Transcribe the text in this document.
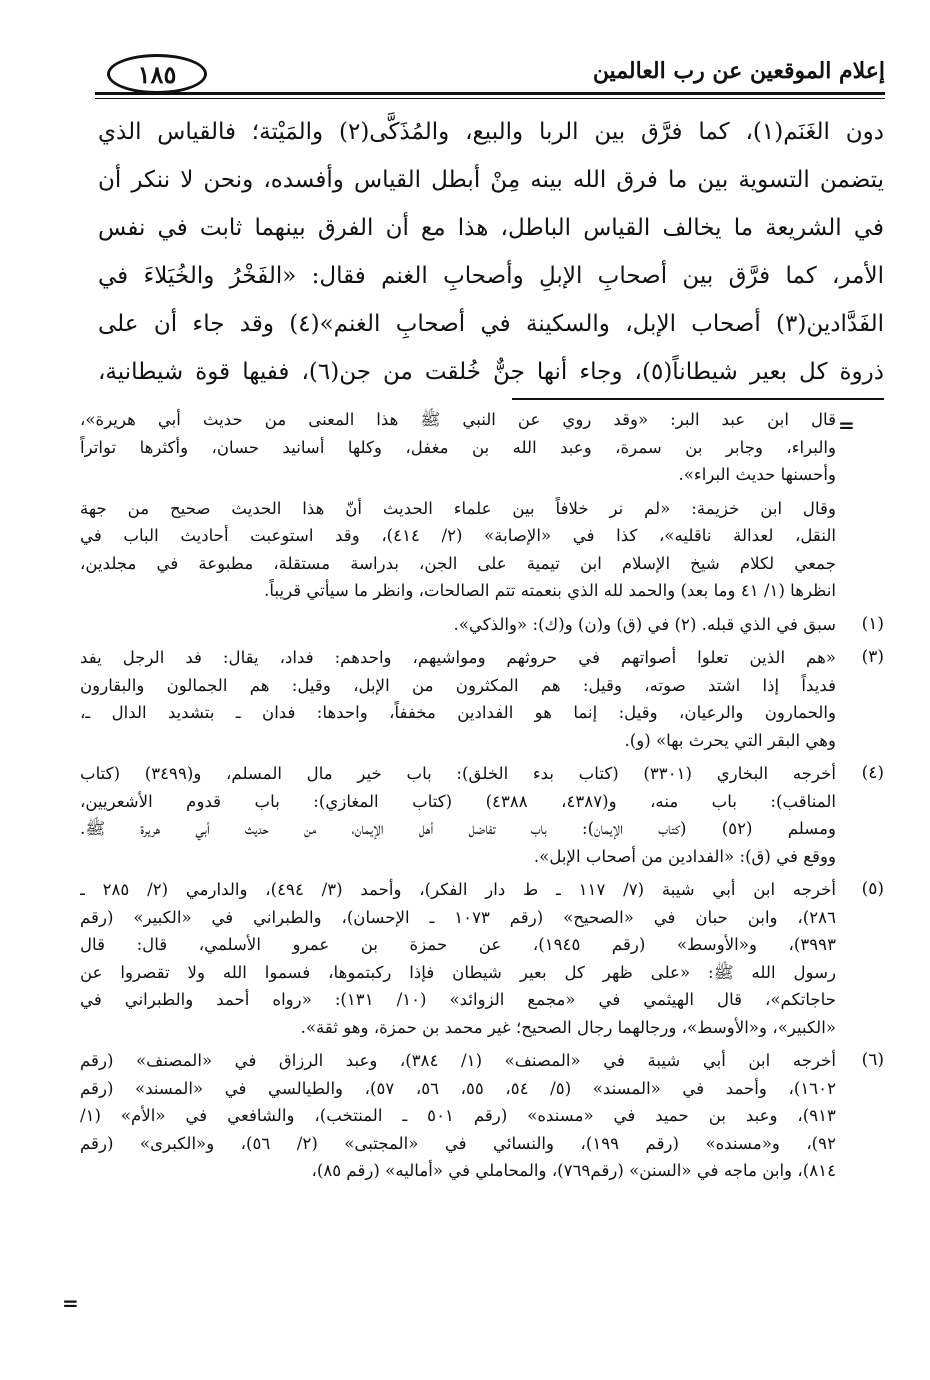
إعلام الموقعين عن رب العالمين
١٨٥
دون الغَنَم(١)، كما فرَّق بين الربا والبيع، والمُذَكَّى(٢) والمَيْتة؛ فالقياس الذي
يتضمن التسوية بين ما فرق الله بينه مِنْ أبطل القياس وأفسده، ونحن لا ننكر أن
في الشريعة ما يخالف القياس الباطل، هذا مع أن الفرق بينهما ثابت في نفس
الأمر، كما فرَّق بين أصحابِ الإبلِ وأصحابِ الغنم فقال: «الفَخْرُ والخُيَلاءَ في
الفَدَّادين(٣) أصحاب الإبل، والسكينة في أصحابِ الغنم»(٤) وقد جاء أن على
ذروة كل بعير شيطاناً(٥)، وجاء أنها جنٌّ خُلقت من جن(٦)، ففيها قوة شيطانية،
=
=
قال ابن عبد البر: «وقد روي عن النبي ﷺ هذا المعنى من حديث أبي هريرة»،
والبراء، وجابر بن سمرة، وعبد الله بن مغفل، وكلها أسانيد حسان، وأكثرها تواتراً
وأحسنها حديث البراء».
وقال ابن خزيمة: «لم نر خلافاً بين علماء الحديث أنّ هذا الحديث صحيح من جهة
النقل، لعدالة ناقليه»، كذا في «الإصابة» (٢/ ٤١٤)، وقد استوعبت أحاديث الباب في
جمعي لكلام شيخ الإسلام ابن تيمية على الجن، بدراسة مستقلة، مطبوعة في مجلدين،
انظرها (١/ ٤١ وما بعد) والحمد لله الذي بنعمته تتم الصالحات، وانظر ما سيأتي قريباً.
(١)
سبق في الذي قبله. (٢) في (ق) و(ن) و(ك): «والذكي».
(٣)
«هم الذين تعلوا أصواتهم في حروثهم ومواشيهم، واحدهم: فداد، يقال: فد الرجل يفد
فديداً إذا اشتد صوته، وقيل: هم المكثرون من الإبل، وقيل: هم الجمالون والبقارون
والحمارون والرعيان، وقيل: إنما هو الفدادين مخففاً، واحدها: فدان ـ بتشديد الدال ـ،
وهي البقر التي يحرث بها» (و).
(٤)
أخرجه البخاري (٣٣٠١) (كتاب بدء الخلق): باب خير مال المسلم، و(٣٤٩٩) (كتاب
المناقب): باب منه، و(٤٣٨٧، ٤٣٨٨) (كتاب المغازي): باب قدوم الأشعريين،
ومسلم (٥٢) (كتاب الإيمان): باب تفاضل أهل الإيمان، من حديث أبي هريرة ﷺ.
ووقع في (ق): «الفدادين من أصحاب الإبل».
(٥)
أخرجه ابن أبي شيبة (٧/ ١١٧ ـ ط دار الفكر)، وأحمد (٣/ ٤٩٤)، والدارمي (٢/ ٢٨٥ ـ
٢٨٦)، وابن حبان في «الصحيح» (رقم ١٠٧٣ ـ الإحسان)، والطبراني في «الكبير» (رقم
٣٩٩٣)، و«الأوسط» (رقم ١٩٤٥)، عن حمزة بن عمرو الأسلمي، قال: قال
رسول الله ﷺ: «على ظهر كل بعير شيطان فإذا ركبتموها، فسموا الله ولا تقصروا عن
حاجاتكم»، قال الهيثمي في «مجمع الزوائد» (١٠/ ١٣١): «رواه أحمد والطبراني في
«الكبير»، و«الأوسط»، ورجالهما رجال الصحيح؛ غير محمد بن حمزة، وهو ثقة».
(٦)
أخرجه ابن أبي شيبة في «المصنف» (١/ ٣٨٤)، وعبد الرزاق في «المصنف» (رقم
١٦٠٢)، وأحمد في «المسند» (٥/ ٥٤، ٥٥، ٥٦، ٥٧)، والطيالسي في «المسند» (رقم
٩١٣)، وعبد بن حميد في «مسنده» (رقم ٥٠١ ـ المنتخب)، والشافعي في «الأم» (١/
٩٢)، و«مسنده» (رقم ١٩٩)، والنسائي في «المجتبى» (٢/ ٥٦)، و«الكبرى» (رقم
٨١٤)، وابن ماجه في «السنن» (رقم٧٦٩)، والمحاملي في «أماليه» (رقم ٨٥)،
